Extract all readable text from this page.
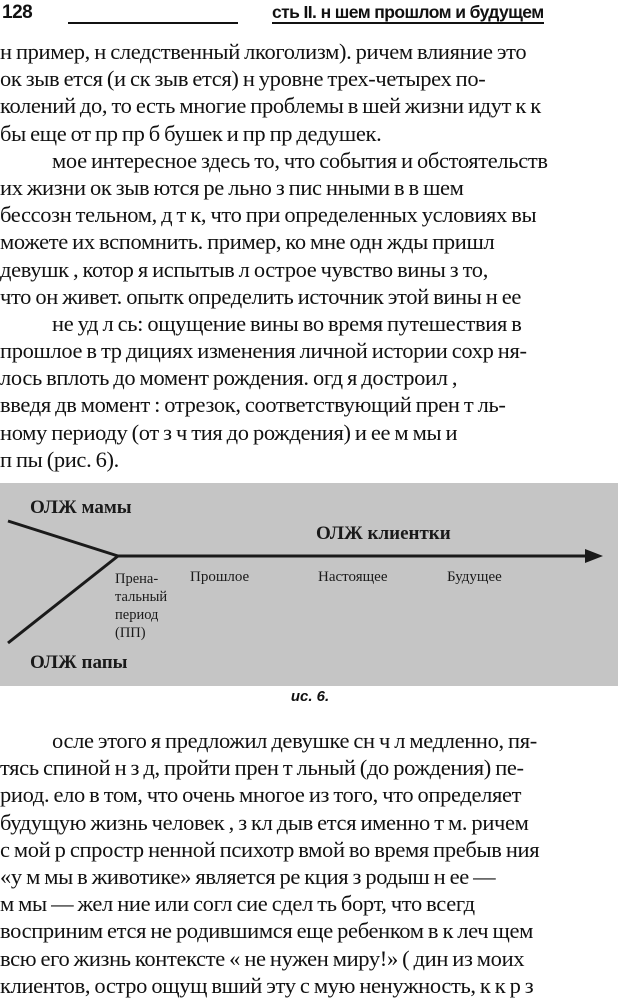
128	сть II. н шем прошлом и будущем
н пример, н следственный лкоголизм). ричем влияние это
ок зыв ется (и ск зыв ется) н уровне трех-четырех по-
колений до, то есть многие проблемы в шей жизни идут к к
бы еще от пр пр б бушек и пр пр дедушек.
мое интересное здесь то, что события и обстоятельств
их жизни ок зыв ются ре льно з пис нными в в шем
бессозн тельном, д т к, что при определенных условиях вы
можете их вспомнить. пример, ко мне одн жды пришл
девушк , котор я испытыв л острое чувство вины з то,
что он живет. опытк определить источник этой вины н ее
не уд л сь: ощущение вины во время путешествия в
прошлое в тр дициях изменения личной истории сохр ня-
лось вплоть до момент рождения. огд я достроил ,
введя дв момент : отрезок, соответствующий прен т ль-
ному периоду (от з ч тия до рождения) и ее м мы и
п пы (рис. 6).
ОЛЖ мамы
ОЛЖ папы
ОЛЖ клиентки
Прена-
тальный
период
(ПП)
Прошлое	Настоящее	Будущее
ис. 6.
осле этого я предложил девушке сн ч л медленно, пя-
тясь спиной н з д, пройти прен т льный (до рождения) пе-
риод. ело в том, что очень многое из того, что определяет
будущую жизнь человек , з кл дыв ется именно т м. ричем
с мой р спростр ненной психотр вмой во время пребыв ния
«у м мы в животике» является ре кция з родыш н ее —
м мы — жел ние или согл сие сдел ть борт, что всегд
восприним ется не родившимся еще ребенком в к леч щем
всю его жизнь контексте « не нужен миру!» ( дин из моих
клиентов, остро ощущ вший эту с мую ненужность, к к р з
